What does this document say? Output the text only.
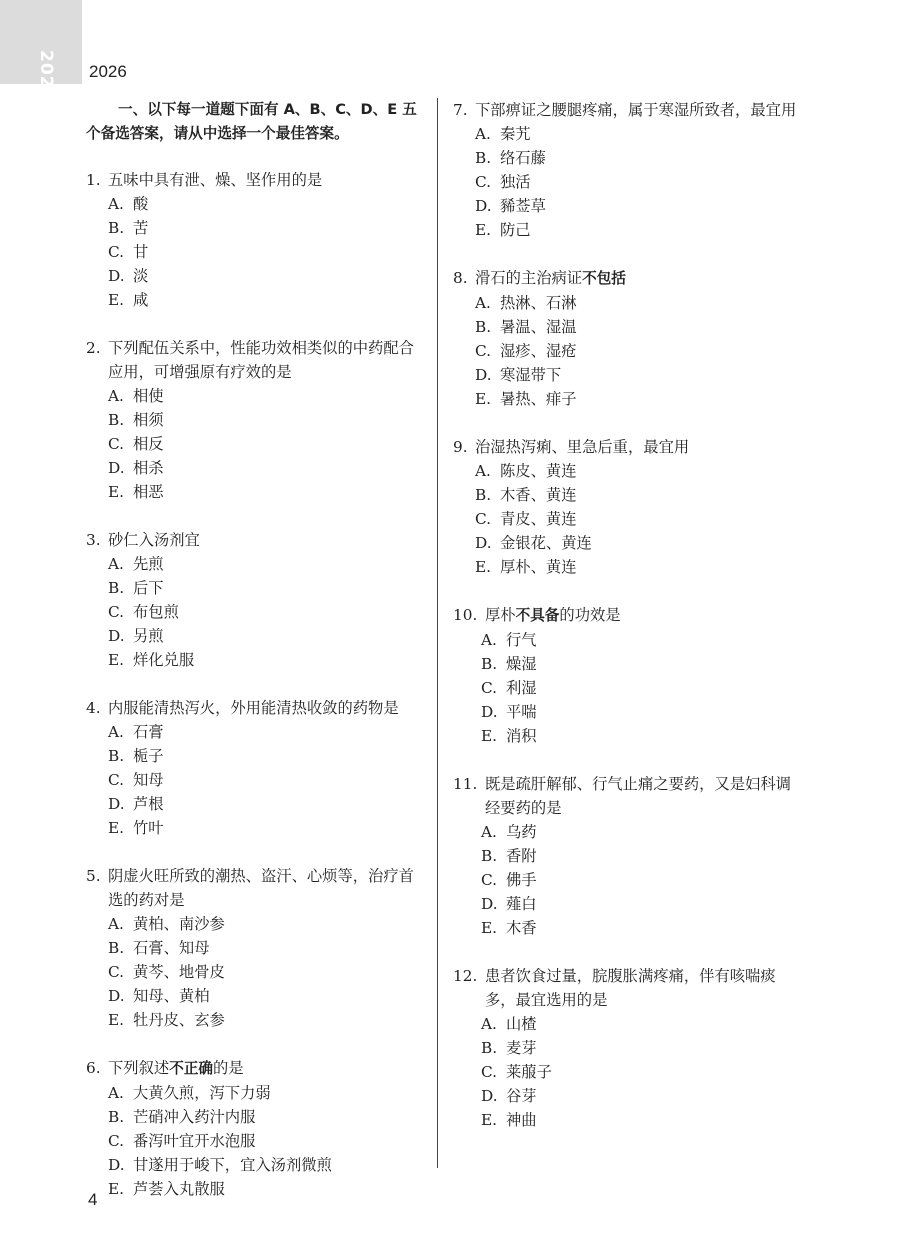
2026 2026

一、以下每一道题下面有 A、B、C、D、E 五个备选答案，请从中选择一个最佳答案。

1. 五味中具有泄、燥、坚作用的是
A. 酸
B. 苦
C. 甘
D. 淡
E. 咸
2. 下列配伍关系中，性能功效相类似的中药配合应用，可增强原有疗效的是
A. 相使
B. 相须
C. 相反
D. 相杀
E. 相恶
3. 砂仁入汤剂宜
A. 先煎
B. 后下
C. 布包煎
D. 另煎
E. 烊化兑服
4. 内服能清热泻火，外用能清热收敛的药物是
A. 石膏
B. 栀子
C. 知母
D. 芦根
E. 竹叶
5. 阴虚火旺所致的潮热、盗汗、心烦等，治疗首选的药对是
A. 黄柏、南沙参
B. 石膏、知母
C. 黄芩、地骨皮
D. 知母、黄柏
E. 牡丹皮、玄参
6. 下列叙述不正确的是
A. 大黄久煎，泻下力弱
B. 芒硝冲入药汁内服
C. 番泻叶宜开水泡服
D. 甘遂用于峻下，宜入汤剂微煎
E. 芦荟入丸散服
7. 下部痹证之腰腿疼痛，属于寒湿所致者，最宜用
A. 秦艽
B. 络石藤
C. 独活
D. 豨莶草
E. 防己
8. 滑石的主治病证不包括
A. 热淋、石淋
B. 暑温、湿温
C. 湿疹、湿疮
D. 寒湿带下
E. 暑热、痱子
9. 治湿热泻痢、里急后重，最宜用
A. 陈皮、黄连
B. 木香、黄连
C. 青皮、黄连
D. 金银花、黄连
E. 厚朴、黄连
10. 厚朴不具备的功效是
A. 行气
B. 燥湿
C. 利湿
D. 平喘
E. 消积
11. 既是疏肝解郁、行气止痛之要药，又是妇科调经要药的是
A. 乌药
B. 香附
C. 佛手
D. 薤白
E. 木香
12. 患者饮食过量，脘腹胀满疼痛，伴有咳喘痰多，最宜选用的是
A. 山楂
B. 麦芽
C. 莱菔子
D. 谷芽
E. 神曲
4
